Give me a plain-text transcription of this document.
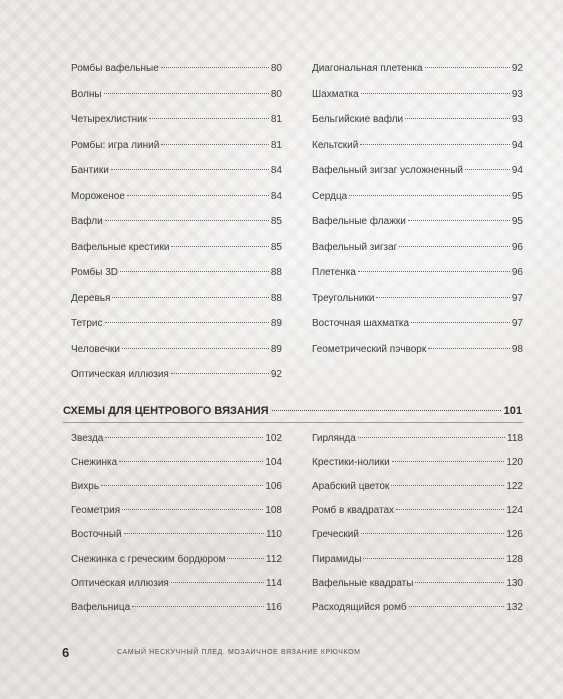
Ромбы вафельные	80
Волны	80
Четырехлистник	81
Ромбы: игра линий	81
Бантики	84
Мороженое	84
Вафли	85
Вафельные крестики	85
Ромбы 3D	88
Деревья	88
Тетрис	89
Человечки	89
Оптическая иллюзия	92
Диагональная плетенка	92
Шахматка	93
Бельгийские вафли	93
Кельтский	94
Вафельный зигзаг усложненный	94
Сердца	95
Вафельные флажки	95
Вафельный зигзаг	96
Плетенка	96
Треугольники	97
Восточная шахматка	97
Геометрический пэчворк	98
Звезда	102
Снежинка	104
Вихрь	106
Геометрия	108
Восточный	110
Снежинка с греческим бордюром	112
Оптическая иллюзия	114
Вафельница	116
Гирлянда	118
Крестики-нолики	120
Арабский цветок	122
Ромб в квадратах	124
Греческий	126
Пирамиды	128
Вафельные квадраты	130
Расходящийся ромб	132
СХЕМЫ ДЛЯ ЦЕНТРОВОГО ВЯЗАНИЯ	101
6	САМЫЙ НЕСКУЧНЫЙ ПЛЕД. МОЗАИЧНОЕ ВЯЗАНИЕ КРЮЧКОМ
